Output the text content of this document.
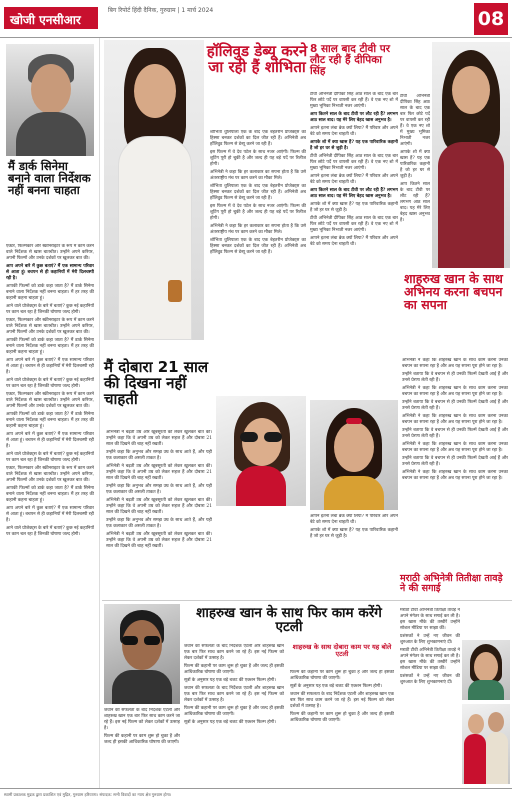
खोजी एनसीआर
बिग रिपोर्ट हिंदी दैनिक, गुरुग्राम | 1 मार्च 2024	08
मैं डार्क सिनेमा बनाने वाला निर्देशक नहीं बनना चाहता

एक्टर, फिल्मकार और स्क्रीनराइटर के रूप में काम करने वाले निर्देशक से खास बातचीत। उन्होंने अपने करियर, अपनी फिल्मों और उनके दर्शकों पर खुलकर बात की।

आप अपने बारे में कुछ बताएं? मैं एक सामान्य परिवार से आता हूं। बचपन से ही कहानियों में मेरी दिलचस्पी रही है।

आपकी फिल्मों को डार्क कहा जाता है? मैं डार्क सिनेमा बनाने वाला निर्देशक नहीं बनना चाहता। मैं हर तरह की कहानी कहना चाहता हूं।

आने वाले प्रोजेक्ट्स के बारे में बताएं? कुछ नई कहानियों पर काम चल रहा है जिनकी घोषणा जल्द होगी।

एक्टर, फिल्मकार और स्क्रीनराइटर के रूप में काम करने वाले निर्देशक से खास बातचीत। उन्होंने अपने करियर, अपनी फिल्मों और उनके दर्शकों पर खुलकर बात की।

आपकी फिल्मों को डार्क कहा जाता है? मैं डार्क सिनेमा बनाने वाला निर्देशक नहीं बनना चाहता। मैं हर तरह की कहानी कहना चाहता हूं।

आप अपने बारे में कुछ बताएं? मैं एक सामान्य परिवार से आता हूं। बचपन से ही कहानियों में मेरी दिलचस्पी रही है।

आने वाले प्रोजेक्ट्स के बारे में बताएं? कुछ नई कहानियों पर काम चल रहा है जिनकी घोषणा जल्द होगी।

एक्टर, फिल्मकार और स्क्रीनराइटर के रूप में काम करने वाले निर्देशक से खास बातचीत। उन्होंने अपने करियर, अपनी फिल्मों और उनके दर्शकों पर खुलकर बात की।

आपकी फिल्मों को डार्क कहा जाता है? मैं डार्क सिनेमा बनाने वाला निर्देशक नहीं बनना चाहता। मैं हर तरह की कहानी कहना चाहता हूं।

आप अपने बारे में कुछ बताएं? मैं एक सामान्य परिवार से आता हूं। बचपन से ही कहानियों में मेरी दिलचस्पी रही है।

आने वाले प्रोजेक्ट्स के बारे में बताएं? कुछ नई कहानियों पर काम चल रहा है जिनकी घोषणा जल्द होगी।

एक्टर, फिल्मकार और स्क्रीनराइटर के रूप में काम करने वाले निर्देशक से खास बातचीत। उन्होंने अपने करियर, अपनी फिल्मों और उनके दर्शकों पर खुलकर बात की।

आपकी फिल्मों को डार्क कहा जाता है? मैं डार्क सिनेमा बनाने वाला निर्देशक नहीं बनना चाहता। मैं हर तरह की कहानी कहना चाहता हूं।

आप अपने बारे में कुछ बताएं? मैं एक सामान्य परिवार से आता हूं। बचपन से ही कहानियों में मेरी दिलचस्पी रही है।

आने वाले प्रोजेक्ट्स के बारे में बताएं? कुछ नई कहानियों पर काम चल रहा है जिनकी घोषणा जल्द होगी।

हॉलिवुड डेब्यू करने जा रही हैं शोभिता

शोभिता धुलिपाला एक के बाद एक बेहतरीन प्रोजेक्ट्स का हिस्सा बनकर दर्शकों का दिल जीत रही हैं। अभिनेत्री अब हॉलिवुड फिल्म से डेब्यू करने जा रही हैं।

इस फिल्म में वे देव पटेल के साथ नजर आएंगी। फिल्म की शूटिंग पूरी हो चुकी है और जल्द ही यह बड़े पर्दे पर रिलीज होगी।

अभिनेत्री ने कहा कि हर कलाकार का सपना होता है कि उसे अंतरराष्ट्रीय मंच पर काम करने का मौका मिले।

शोभिता धुलिपाला एक के बाद एक बेहतरीन प्रोजेक्ट्स का हिस्सा बनकर दर्शकों का दिल जीत रही हैं। अभिनेत्री अब हॉलिवुड फिल्म से डेब्यू करने जा रही हैं।

इस फिल्म में वे देव पटेल के साथ नजर आएंगी। फिल्म की शूटिंग पूरी हो चुकी है और जल्द ही यह बड़े पर्दे पर रिलीज होगी।

अभिनेत्री ने कहा कि हर कलाकार का सपना होता है कि उसे अंतरराष्ट्रीय मंच पर काम करने का मौका मिले।

शोभिता धुलिपाला एक के बाद एक बेहतरीन प्रोजेक्ट्स का हिस्सा बनकर दर्शकों का दिल जीत रही हैं। अभिनेत्री अब हॉलिवुड फिल्म से डेब्यू करने जा रही हैं।

मैं दोबारा 21 साल की दिखना नहीं चाहती

अभिनेत्री ने बढ़ती उम्र और खूबसूरती को लेकर खुलकर बात की। उन्होंने कहा कि वे अपनी उम्र को लेकर सहज हैं और दोबारा 21 साल की दिखने की चाह नहीं रखतीं।

उन्होंने कहा कि अनुभव और समझ उम्र के साथ आते हैं, और यही एक कलाकार की असली ताकत है।

अभिनेत्री ने बढ़ती उम्र और खूबसूरती को लेकर खुलकर बात की। उन्होंने कहा कि वे अपनी उम्र को लेकर सहज हैं और दोबारा 21 साल की दिखने की चाह नहीं रखतीं।

उन्होंने कहा कि अनुभव और समझ उम्र के साथ आते हैं, और यही एक कलाकार की असली ताकत है।

अभिनेत्री ने बढ़ती उम्र और खूबसूरती को लेकर खुलकर बात की। उन्होंने कहा कि वे अपनी उम्र को लेकर सहज हैं और दोबारा 21 साल की दिखने की चाह नहीं रखतीं।

उन्होंने कहा कि अनुभव और समझ उम्र के साथ आते हैं, और यही एक कलाकार की असली ताकत है।

अभिनेत्री ने बढ़ती उम्र और खूबसूरती को लेकर खुलकर बात की। उन्होंने कहा कि वे अपनी उम्र को लेकर सहज हैं और दोबारा 21 साल की दिखने की चाह नहीं रखतीं।

8 साल बाद टीवी पर लौट रही हैं दीपिका सिंह

टीवी अभिनेत्री दीपिका सिंह आठ साल के बाद एक बार फिर छोटे पर्दे पर वापसी कर रही हैं। वे एक नए शो में मुख्य भूमिका निभाती नजर आएंगी।

आप कितने साल के बाद टीवी पर लौट रही हैं? लगभग आठ साल बाद। यह मेरे लिए बेहद खास अनुभव है।

आपने इतना लंबा ब्रेक क्यों लिया? मैं परिवार और अपने बेटे को समय देना चाहती थी।

आपके शो में क्या खास है? यह एक पारिवारिक कहानी है जो हर घर से जुड़ी है।

टीवी अभिनेत्री दीपिका सिंह आठ साल के बाद एक बार फिर छोटे पर्दे पर वापसी कर रही हैं। वे एक नए शो में मुख्य भूमिका निभाती नजर आएंगी।

आपने इतना लंबा ब्रेक क्यों लिया? मैं परिवार और अपने बेटे को समय देना चाहती थी।

आप कितने साल के बाद टीवी पर लौट रही हैं? लगभग आठ साल बाद। यह मेरे लिए बेहद खास अनुभव है।

आपके शो में क्या खास है? यह एक पारिवारिक कहानी है जो हर घर से जुड़ी है।

टीवी अभिनेत्री दीपिका सिंह आठ साल के बाद एक बार फिर छोटे पर्दे पर वापसी कर रही हैं। वे एक नए शो में मुख्य भूमिका निभाती नजर आएंगी।

आपने इतना लंबा ब्रेक क्यों लिया? मैं परिवार और अपने बेटे को समय देना चाहती थी।

आपने इतना लंबा ब्रेक क्यों लिया? मैं परिवार और अपने बेटे को समय देना चाहती थी।

आपके शो में क्या खास है? यह एक पारिवारिक कहानी है जो हर घर से जुड़ी है।

टीवी अभिनेत्री दीपिका सिंह आठ साल के बाद एक बार फिर छोटे पर्दे पर वापसी कर रही हैं। वे एक नए शो में मुख्य भूमिका निभाती नजर आएंगी।

आपके शो में क्या खास है? यह एक पारिवारिक कहानी है जो हर घर से जुड़ी है।

आप कितने साल के बाद टीवी पर लौट रही हैं? लगभग आठ साल बाद। यह मेरे लिए बेहद खास अनुभव है।

शाहरुख खान के साथ अभिनय करना बचपन का सपना

अभिनेत्री ने कहा कि शाहरुख खान के साथ काम करना उनका बचपन का सपना रहा है और अब यह सपना पूरा होने जा रहा है।

उन्होंने बताया कि वे बचपन से ही उनकी फिल्में देखती आई हैं और उनसे प्रेरणा लेती रही हैं।

अभिनेत्री ने कहा कि शाहरुख खान के साथ काम करना उनका बचपन का सपना रहा है और अब यह सपना पूरा होने जा रहा है।

उन्होंने बताया कि वे बचपन से ही उनकी फिल्में देखती आई हैं और उनसे प्रेरणा लेती रही हैं।

अभिनेत्री ने कहा कि शाहरुख खान के साथ काम करना उनका बचपन का सपना रहा है और अब यह सपना पूरा होने जा रहा है।

उन्होंने बताया कि वे बचपन से ही उनकी फिल्में देखती आई हैं और उनसे प्रेरणा लेती रही हैं।

अभिनेत्री ने कहा कि शाहरुख खान के साथ काम करना उनका बचपन का सपना रहा है और अब यह सपना पूरा होने जा रहा है।

उन्होंने बताया कि वे बचपन से ही उनकी फिल्में देखती आई हैं और उनसे प्रेरणा लेती रही हैं।

अभिनेत्री ने कहा कि शाहरुख खान के साथ काम करना उनका बचपन का सपना रहा है और अब यह सपना पूरा होने जा रहा है।

शाहरुख खान के साथ फिर काम करेंगे एटली

जवान की सफलता के बाद निर्देशक एटली और शाहरुख खान एक बार फिर साथ काम करने जा रहे हैं। इस नई फिल्म को लेकर दर्शकों में उत्साह है।

फिल्म की कहानी पर काम शुरू हो चुका है और जल्द ही इसकी आधिकारिक घोषणा की जाएगी।

जवान की सफलता के बाद निर्देशक एटली और शाहरुख खान एक बार फिर साथ काम करने जा रहे हैं। इस नई फिल्म को लेकर दर्शकों में उत्साह है।

फिल्म की कहानी पर काम शुरू हो चुका है और जल्द ही इसकी आधिकारिक घोषणा की जाएगी।

सूत्रों के अनुसार यह एक बड़े बजट की एक्शन फिल्म होगी।

जवान की सफलता के बाद निर्देशक एटली और शाहरुख खान एक बार फिर साथ काम करने जा रहे हैं। इस नई फिल्म को लेकर दर्शकों में उत्साह है।

फिल्म की कहानी पर काम शुरू हो चुका है और जल्द ही इसकी आधिकारिक घोषणा की जाएगी।

सूत्रों के अनुसार यह एक बड़े बजट की एक्शन फिल्म होगी।

शाहरुख के साथ दोबारा काम पर यह बोले एटली

फिल्म की कहानी पर काम शुरू हो चुका है और जल्द ही इसकी आधिकारिक घोषणा की जाएगी।

सूत्रों के अनुसार यह एक बड़े बजट की एक्शन फिल्म होगी।

जवान की सफलता के बाद निर्देशक एटली और शाहरुख खान एक बार फिर साथ काम करने जा रहे हैं। इस नई फिल्म को लेकर दर्शकों में उत्साह है।

फिल्म की कहानी पर काम शुरू हो चुका है और जल्द ही इसकी आधिकारिक घोषणा की जाएगी।

मराठी अभिनेत्री तितीक्षा तावड़े ने की सगाई

मराठी टीवी अभिनेत्री तितीक्षा तावड़े ने अपने मंगेतर के साथ सगाई कर ली है। इस खास मौके की तस्वीरें उन्होंने सोशल मीडिया पर साझा कीं।

प्रशंसकों ने उन्हें नए जीवन की शुरुआत के लिए शुभकामनाएं दीं।

मराठी टीवी अभिनेत्री तितीक्षा तावड़े ने अपने मंगेतर के साथ सगाई कर ली है। इस खास मौके की तस्वीरें उन्होंने सोशल मीडिया पर साझा कीं।

प्रशंसकों ने उन्हें नए जीवन की शुरुआत के लिए शुभकामनाएं दीं।

स्वामी प्रकाशक मुद्रक द्वारा प्रकाशित एवं मुद्रित, गुरुग्राम हरियाणा। संपादक: सभी विवादों का न्याय क्षेत्र गुरुग्राम होगा।
